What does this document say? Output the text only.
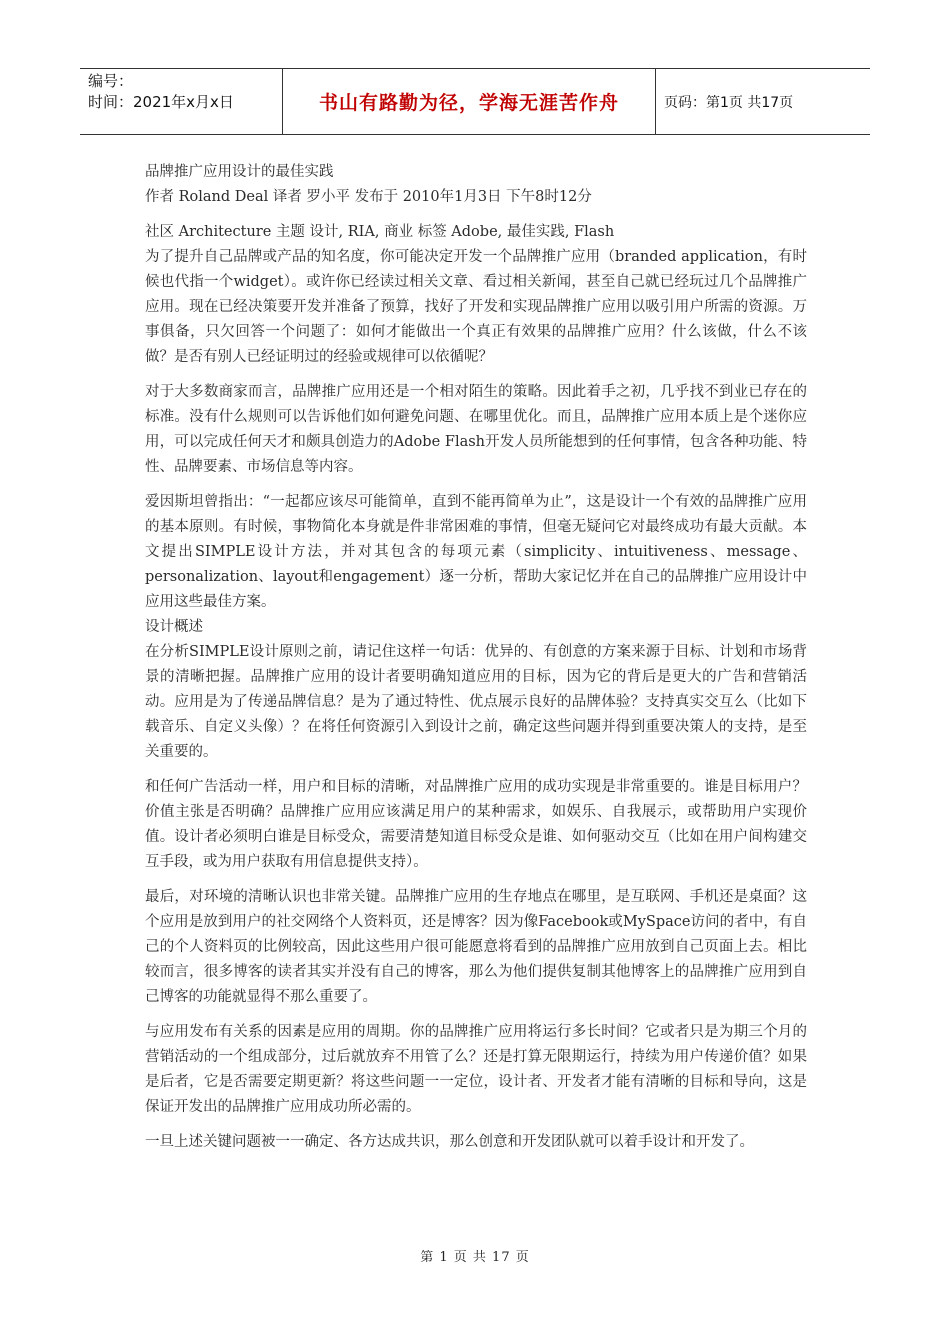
编号：
时间：2021年x月x日	书山有路勤为径，学海无涯苦作舟	页码：第1页 共17页

品牌推广应用设计的最佳实践

作者 Roland Deal 译者 罗小平 发布于 2010年1月3日 下午8时12分

社区 Architecture 主题 设计, RIA, 商业 标签 Adobe, 最佳实践, Flash

为了提升自己品牌或产品的知名度，你可能决定开发一个品牌推广应用（branded application，有时候也代指一个widget）。或许你已经读过相关文章、看过相关新闻，甚至自己就已经玩过几个品牌推广应用。现在已经决策要开发并准备了预算，找好了开发和实现品牌推广应用以吸引用户所需的资源。万事俱备，只欠回答一个问题了：如何才能做出一个真正有效果的品牌推广应用？什么该做，什么不该做？是否有别人已经证明过的经验或规律可以依循呢？

对于大多数商家而言，品牌推广应用还是一个相对陌生的策略。因此着手之初，几乎找不到业已存在的标准。没有什么规则可以告诉他们如何避免问题、在哪里优化。而且，品牌推广应用本质上是个迷你应用，可以完成任何天才和颇具创造力的Adobe Flash开发人员所能想到的任何事情，包含各种功能、特性、品牌要素、市场信息等内容。

爱因斯坦曾指出：“一起都应该尽可能简单，直到不能再简单为止”，这是设计一个有效的品牌推广应用的基本原则。有时候，事物简化本身就是件非常困难的事情，但毫无疑问它对最终成功有最大贡献。本文提出SIMPLE设计方法，并对其包含的每项元素（simplicity、intuitiveness、message、personalization、layout和engagement）逐一分析，帮助大家记忆并在自己的品牌推广应用设计中应用这些最佳方案。

设计概述

在分析SIMPLE设计原则之前，请记住这样一句话：优异的、有创意的方案来源于目标、计划和市场背景的清晰把握。品牌推广应用的设计者要明确知道应用的目标，因为它的背后是更大的广告和营销活动。应用是为了传递品牌信息？是为了通过特性、优点展示良好的品牌体验？支持真实交互么（比如下载音乐、自定义头像）？在将任何资源引入到设计之前，确定这些问题并得到重要决策人的支持，是至关重要的。

和任何广告活动一样，用户和目标的清晰，对品牌推广应用的成功实现是非常重要的。谁是目标用户？价值主张是否明确？品牌推广应用应该满足用户的某种需求，如娱乐、自我展示，或帮助用户实现价值。设计者必须明白谁是目标受众，需要清楚知道目标受众是谁、如何驱动交互（比如在用户间构建交互手段，或为用户获取有用信息提供支持）。

最后，对环境的清晰认识也非常关键。品牌推广应用的生存地点在哪里，是互联网、手机还是桌面？这个应用是放到用户的社交网络个人资料页，还是博客？因为像Facebook或MySpace访问的者中，有自己的个人资料页的比例较高，因此这些用户很可能愿意将看到的品牌推广应用放到自己页面上去。相比较而言，很多博客的读者其实并没有自己的博客，那么为他们提供复制其他博客上的品牌推广应用到自己博客的功能就显得不那么重要了。

与应用发布有关系的因素是应用的周期。你的品牌推广应用将运行多长时间？它或者只是为期三个月的营销活动的一个组成部分，过后就放弃不用管了么？还是打算无限期运行，持续为用户传递价值？如果是后者，它是否需要定期更新？将这些问题一一定位，设计者、开发者才能有清晰的目标和导向，这是保证开发出的品牌推广应用成功所必需的。

一旦上述关键问题被一一确定、各方达成共识，那么创意和开发团队就可以着手设计和开发了。

第 1 页 共 17 页
